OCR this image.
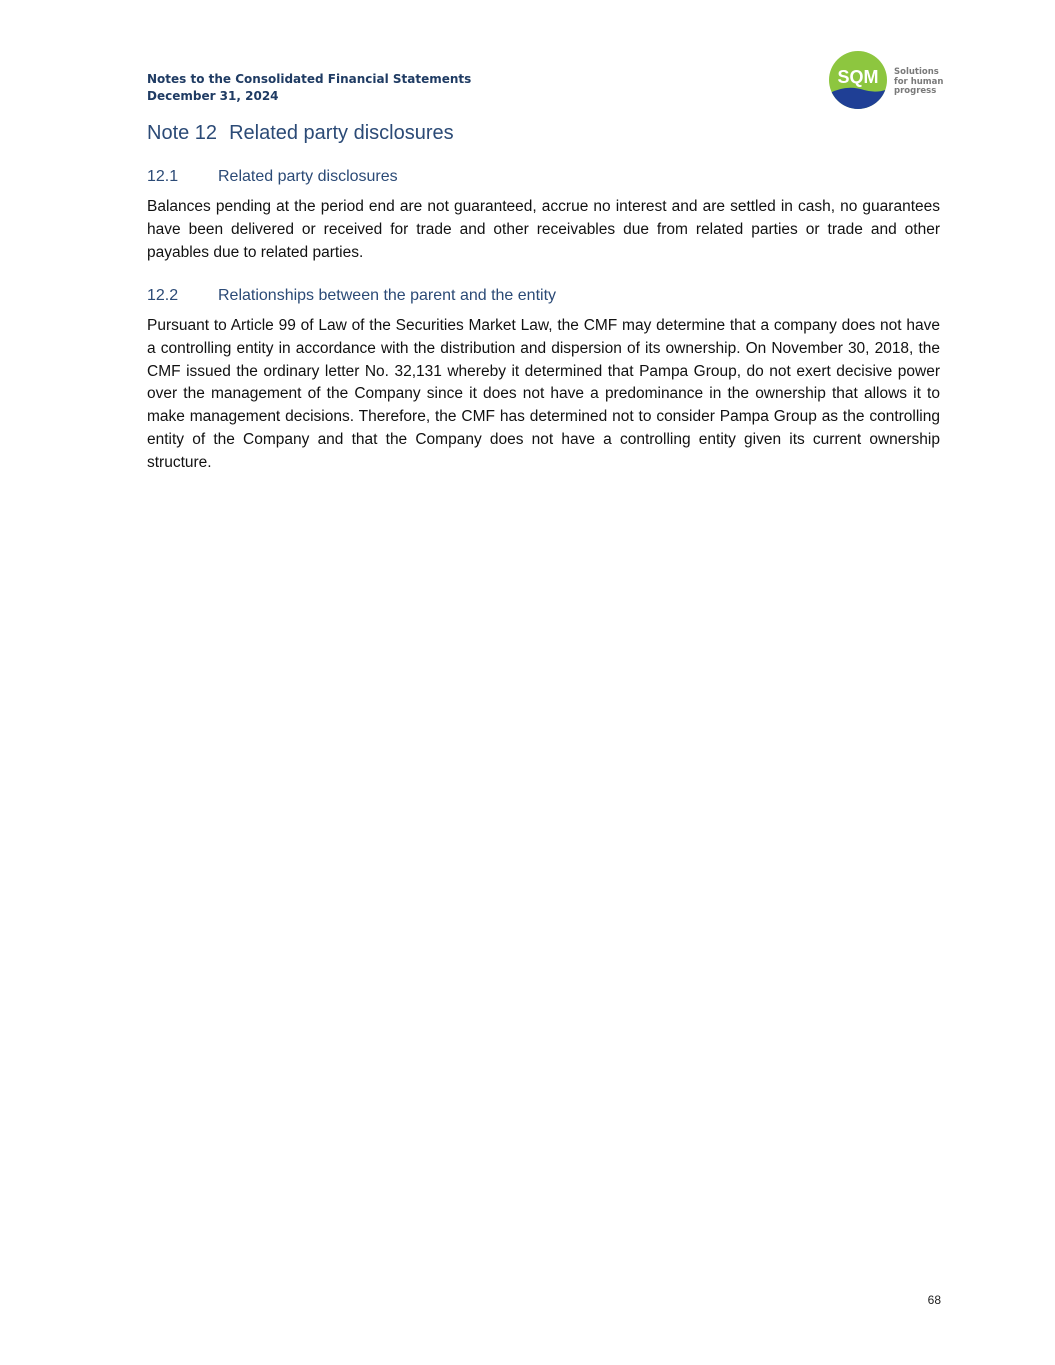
Notes to the Consolidated Financial Statements
December 31, 2024
SQM Solutions
for human
progress
Note 12 Related party disclosures
12.1 Related party disclosures
Balances pending at the period end are not guaranteed, accrue no interest and are settled in cash, no guarantees have been delivered or received for trade and other receivables due from related parties or trade and other payables due to related parties.
12.2 Relationships between the parent and the entity
Pursuant to Article 99 of Law of the Securities Market Law, the CMF may determine that a company does not have a controlling entity in accordance with the distribution and dispersion of its ownership. On November 30, 2018, the CMF issued the ordinary letter No. 32,131 whereby it determined that Pampa Group, do not exert decisive power over the management of the Company since it does not have a predominance in the ownership that allows it to make management decisions. Therefore, the CMF has determined not to consider Pampa Group as the controlling entity of the Company and that the Company does not have a controlling entity given its current ownership structure.
68
